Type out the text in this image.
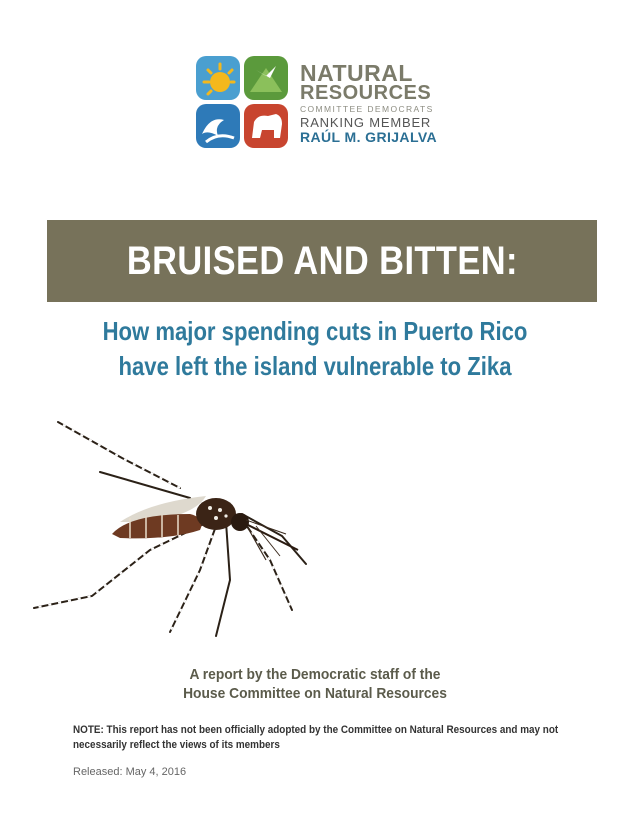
NATURAL
RESOURCES
COMMITTEE DEMOCRATS
RANKING MEMBER
RAÚL M. GRIJALVA
BRUISED AND BITTEN:
How major spending cuts in Puerto Rico
have left the island vulnerable to Zika
A report by the Democratic staff of the
House Committee on Natural Resources
NOTE: This report has not been officially adopted by the Committee on Natural Resources and may not
necessarily reflect the views of its members
Released: May 4, 2016
